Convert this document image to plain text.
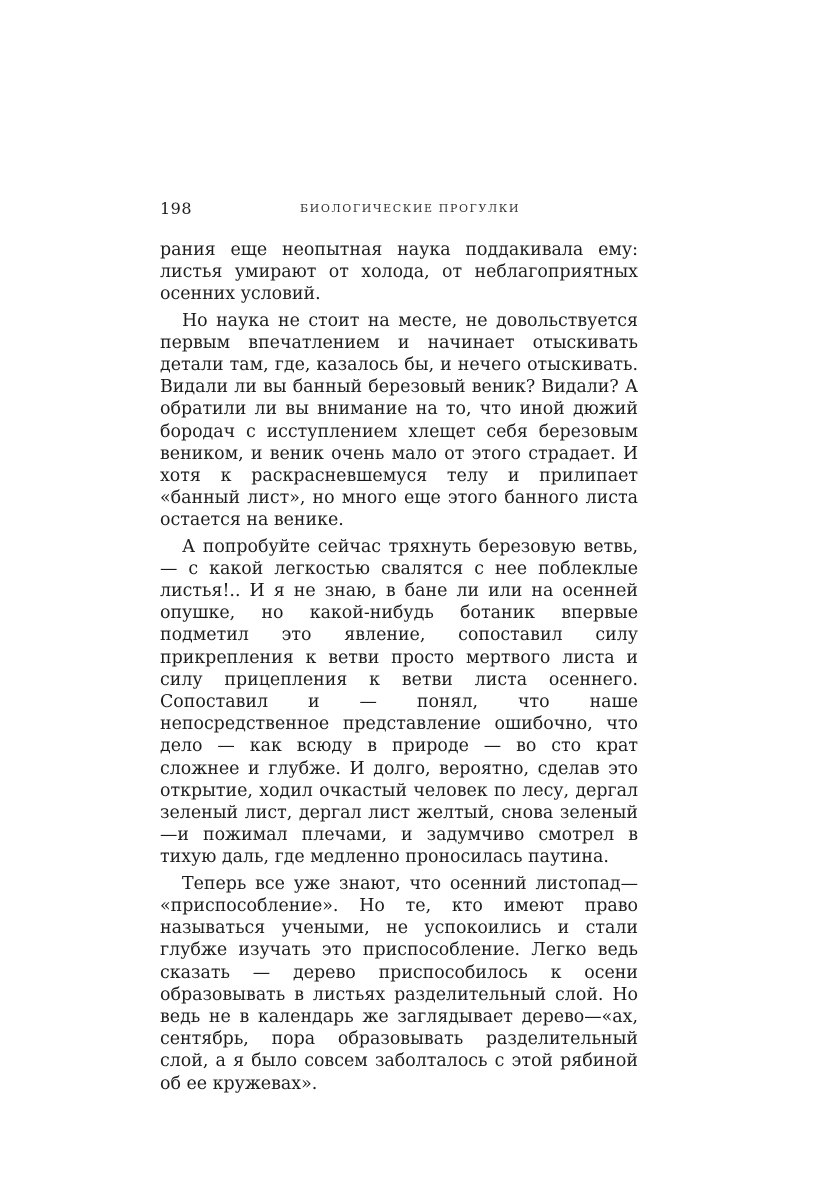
198	БИОЛОГИЧЕСКИЕ ПРОГУЛКИ

рания еще неопытная наука поддакивала ему: листья умирают от холода, от неблагоприятных осенних условий.

Но наука не стоит на месте, не довольствуется первым впечатлением и начинает отыскивать детали там, где, казалось бы, и нечего отыскивать. Видали ли вы банный березовый веник? Видали? А обратили ли вы внимание на то, что иной дюжий бородач с исступлением хлещет себя березовым веником, и веник очень мало от этого страдает. И хотя к раскрасневшемуся телу и прилипает «банный лист», но много еще этого банного листа остается на венике.

А попробуйте сейчас тряхнуть березовую ветвь,— с какой легкостью свалятся с нее поблеклые листья!.. И я не знаю, в бане ли или на осенней опушке, но какой-нибудь ботаник впервые подметил это явление, сопоставил силу прикрепления к ветви просто мертвого листа и силу прицепления к ветви листа осеннего. Сопоставил и — понял, что наше непосредственное представление ошибочно, что дело — как всюду в природе — во сто крат сложнее и глубже. И долго, вероятно, сделав это открытие, ходил очкастый человек по лесу, дергал зеленый лист, дергал лист желтый, снова зеленый—и пожимал плечами, и задумчиво смотрел в тихую даль, где медленно проносилась паутина.

Теперь все уже знают, что осенний листопад— «приспособление». Но те, кто имеют право называться учеными, не успокоились и стали глубже изучать это приспособление. Легко ведь сказать — дерево приспособилось к осени образовывать в листьях разделительный слой. Но ведь не в календарь же заглядывает дерево—«ах, сентябрь, пора образовывать разделительный слой, а я было совсем заболталось с этой рябиной об ее кружевах».
